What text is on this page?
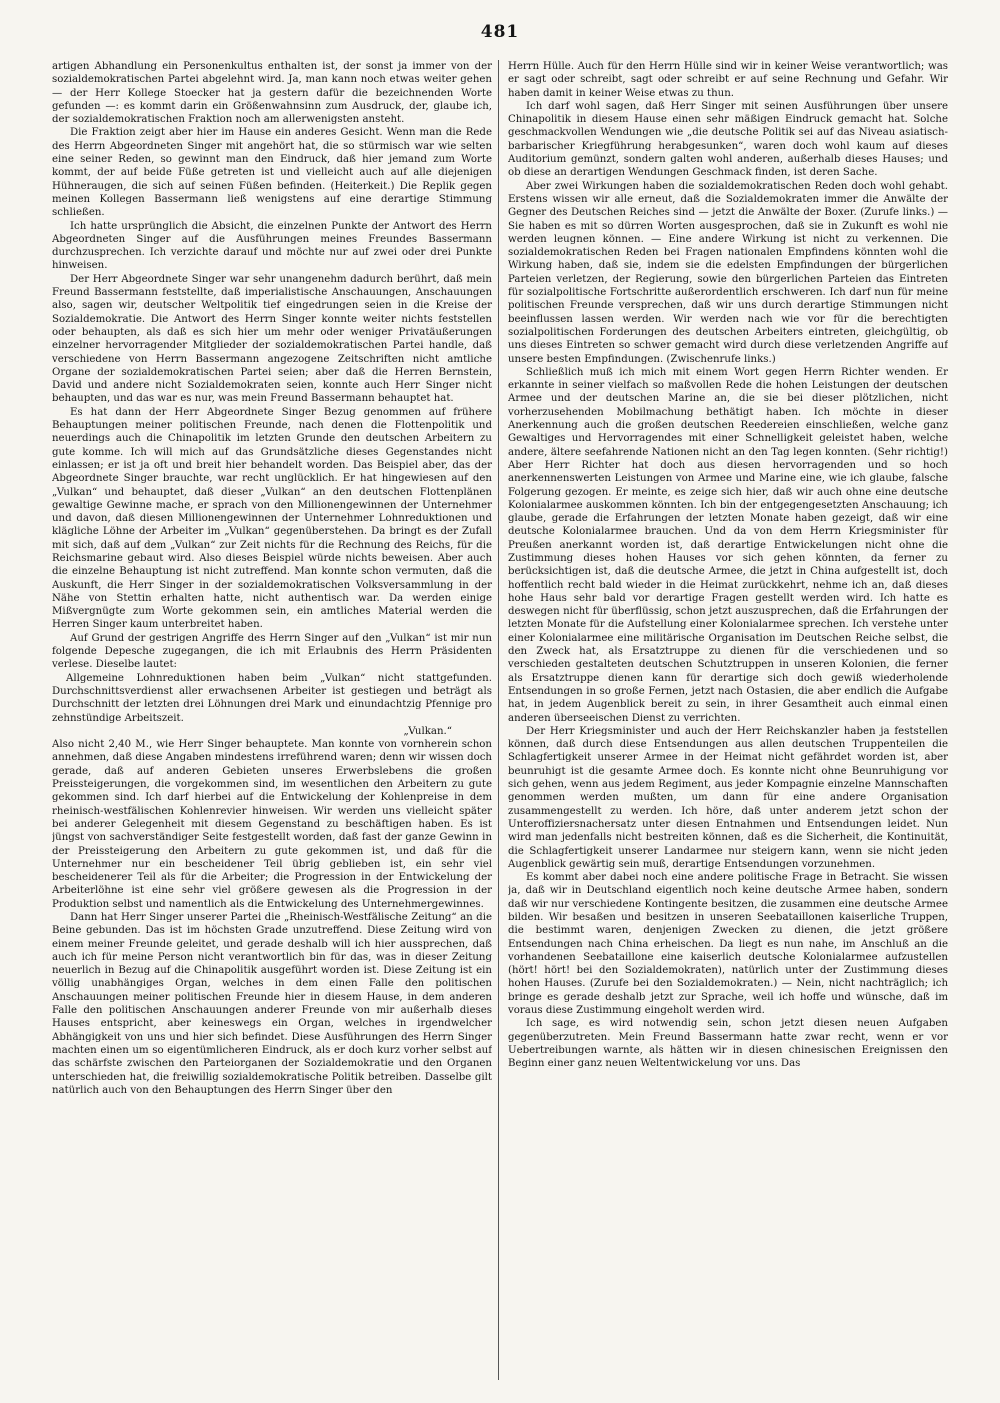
481

artigen Abhandlung ein Personenkultus enthalten ist, der sonst ja immer von der sozialdemokratischen Partei abgelehnt wird. Ja, man kann noch etwas weiter gehen — der Herr Kollege Stoecker hat ja gestern dafür die bezeichnenden Worte gefunden —: es kommt darin ein Größenwahnsinn zum Ausdruck, der, glaube ich, der sozialdemokratischen Fraktion noch am allerwenigsten ansteht.

Die Fraktion zeigt aber hier im Hause ein anderes Gesicht. Wenn man die Rede des Herrn Abgeordneten Singer mit angehört hat, die so stürmisch war wie selten eine seiner Reden, so gewinnt man den Eindruck, daß hier jemand zum Worte kommt, der auf beide Füße getreten ist und vielleicht auch auf alle diejenigen Hühneraugen, die sich auf seinen Füßen befinden. (Heiterkeit.) Die Replik gegen meinen Kollegen Bassermann ließ wenigstens auf eine derartige Stimmung schließen.

Ich hatte ursprünglich die Absicht, die einzelnen Punkte der Antwort des Herrn Abgeordneten Singer auf die Ausführungen meines Freundes Bassermann durchzusprechen. Ich verzichte darauf und möchte nur auf zwei oder drei Punkte hinweisen.

Der Herr Abgeordnete Singer war sehr unangenehm dadurch berührt, daß mein Freund Bassermann feststellte, daß imperialistische Anschauungen, Anschauungen also, sagen wir, deutscher Weltpolitik tief eingedrungen seien in die Kreise der Sozialdemokratie. Die Antwort des Herrn Singer konnte weiter nichts feststellen oder behaupten, als daß es sich hier um mehr oder weniger Privatäußerungen einzelner hervorragender Mitglieder der sozialdemokratischen Partei handle, daß verschiedene von Herrn Bassermann angezogene Zeitschriften nicht amtliche Organe der sozialdemokratischen Partei seien; aber daß die Herren Bernstein, David und andere nicht Sozialdemokraten seien, konnte auch Herr Singer nicht behaupten, und das war es nur, was mein Freund Bassermann behauptet hat.

Es hat dann der Herr Abgeordnete Singer Bezug genommen auf frühere Behauptungen meiner politischen Freunde, nach denen die Flottenpolitik und neuerdings auch die Chinapolitik im letzten Grunde den deutschen Arbeitern zu gute komme. Ich will mich auf das Grundsätzliche dieses Gegenstandes nicht einlassen; er ist ja oft und breit hier behandelt worden. Das Beispiel aber, das der Abgeordnete Singer brauchte, war recht unglücklich. Er hat hingewiesen auf den „Vulkan“ und behauptet, daß dieser „Vulkan“ an den deutschen Flottenplänen gewaltige Gewinne mache, er sprach von den Millionengewinnen der Unternehmer und davon, daß diesen Millionengewinnen der Unternehmer Lohnreduktionen und klägliche Löhne der Arbeiter im „Vulkan“ gegenüberstehen. Da bringt es der Zufall mit sich, daß auf dem „Vulkan“ zur Zeit nichts für die Rechnung des Reichs, für die Reichsmarine gebaut wird. Also dieses Beispiel würde nichts beweisen. Aber auch die einzelne Behauptung ist nicht zutreffend. Man konnte schon vermuten, daß die Auskunft, die Herr Singer in der sozialdemokratischen Volksversammlung in der Nähe von Stettin erhalten hatte, nicht authentisch war. Da werden einige Mißvergnügte zum Worte gekommen sein, ein amtliches Material werden die Herren Singer kaum unterbreitet haben.

Auf Grund der gestrigen Angriffe des Herrn Singer auf den „Vulkan“ ist mir nun folgende Depesche zugegangen, die ich mit Erlaubnis des Herrn Präsidenten verlese. Dieselbe lautet:

Allgemeine Lohnreduktionen haben beim „Vulkan“ nicht stattgefunden. Durchschnittsverdienst aller erwachsenen Arbeiter ist gestiegen und beträgt als Durchschnitt der letzten drei Löhnungen drei Mark und einundachtzig Pfennige pro zehnstündige Arbeitszeit.

„Vulkan.“

Also nicht 2,40 M., wie Herr Singer behauptete. Man konnte von vornherein schon annehmen, daß diese Angaben mindestens irreführend waren; denn wir wissen doch gerade, daß auf anderen Gebieten unseres Erwerbslebens die großen Preissteigerungen, die vorgekommen sind, im wesentlichen den Arbeitern zu gute gekommen sind. Ich darf hierbei auf die Entwickelung der Kohlenpreise in dem rheinisch-westfälischen Kohlenrevier hinweisen. Wir werden uns vielleicht später bei anderer Gelegenheit mit diesem Gegenstand zu beschäftigen haben. Es ist jüngst von sachverständiger Seite festgestellt worden, daß fast der ganze Gewinn in der Preissteigerung den Arbeitern zu gute gekommen ist, und daß für die Unternehmer nur ein bescheidener Teil übrig geblieben ist, ein sehr viel bescheidenerer Teil als für die Arbeiter; die Progression in der Entwickelung der Arbeiterlöhne ist eine sehr viel größere gewesen als die Progression in der Produktion selbst und namentlich als die Entwickelung des Unternehmergewinnes.

Dann hat Herr Singer unserer Partei die „Rheinisch-Westfälische Zeitung“ an die Beine gebunden. Das ist im höchsten Grade unzutreffend. Diese Zeitung wird von einem meiner Freunde geleitet, und gerade deshalb will ich hier aussprechen, daß auch ich für meine Person nicht verantwortlich bin für das, was in dieser Zeitung neuerlich in Bezug auf die Chinapolitik ausgeführt worden ist. Diese Zeitung ist ein völlig unabhängiges Organ, welches in dem einen Falle den politischen Anschauungen meiner politischen Freunde hier in diesem Hause, in dem anderen Falle den politischen Anschauungen anderer Freunde von mir außerhalb dieses Hauses entspricht, aber keineswegs ein Organ, welches in irgendwelcher Abhängigkeit von uns und hier sich befindet. Diese Ausführungen des Herrn Singer machten einen um so eigentümlicheren Eindruck, als er doch kurz vorher selbst auf das schärfste zwischen den Parteiorganen der Sozialdemokratie und den Organen unterschieden hat, die freiwillig sozialdemokratische Politik betreiben. Dasselbe gilt natürlich auch von den Behauptungen des Herrn Singer über den

Herrn Hülle. Auch für den Herrn Hülle sind wir in keiner Weise verantwortlich; was er sagt oder schreibt, sagt oder schreibt er auf seine Rechnung und Gefahr. Wir haben damit in keiner Weise etwas zu thun.

Ich darf wohl sagen, daß Herr Singer mit seinen Ausführungen über unsere Chinapolitik in diesem Hause einen sehr mäßigen Eindruck gemacht hat. Solche geschmackvollen Wendungen wie „die deutsche Politik sei auf das Niveau asiatisch-barbarischer Kriegführung herabgesunken“, waren doch wohl kaum auf dieses Auditorium gemünzt, sondern galten wohl anderen, außerhalb dieses Hauses; und ob diese an derartigen Wendungen Geschmack finden, ist deren Sache.

Aber zwei Wirkungen haben die sozialdemokratischen Reden doch wohl gehabt. Erstens wissen wir alle erneut, daß die Sozialdemokraten immer die Anwälte der Gegner des Deutschen Reiches sind — jetzt die Anwälte der Boxer. (Zurufe links.) — Sie haben es mit so dürren Worten ausgesprochen, daß sie in Zukunft es wohl nie werden leugnen können. — Eine andere Wirkung ist nicht zu verkennen. Die sozialdemokratischen Reden bei Fragen nationalen Empfindens könnten wohl die Wirkung haben, daß sie, indem sie die edelsten Empfindungen der bürgerlichen Parteien verletzen, der Regierung, sowie den bürgerlichen Parteien das Eintreten für sozialpolitische Fortschritte außerordentlich erschweren. Ich darf nun für meine politischen Freunde versprechen, daß wir uns durch derartige Stimmungen nicht beeinflussen lassen werden. Wir werden nach wie vor für die berechtigten sozialpolitischen Forderungen des deutschen Arbeiters eintreten, gleichgültig, ob uns dieses Eintreten so schwer gemacht wird durch diese verletzenden Angriffe auf unsere besten Empfindungen. (Zwischenrufe links.)

Schließlich muß ich mich mit einem Wort gegen Herrn Richter wenden. Er erkannte in seiner vielfach so maßvollen Rede die hohen Leistungen der deutschen Armee und der deutschen Marine an, die sie bei dieser plötzlichen, nicht vorherzusehenden Mobilmachung bethätigt haben. Ich möchte in dieser Anerkennung auch die großen deutschen Reedereien einschließen, welche ganz Gewaltiges und Hervorragendes mit einer Schnelligkeit geleistet haben, welche andere, ältere seefahrende Nationen nicht an den Tag legen konnten. (Sehr richtig!) Aber Herr Richter hat doch aus diesen hervorragenden und so hoch anerkennenswerten Leistungen von Armee und Marine eine, wie ich glaube, falsche Folgerung gezogen. Er meinte, es zeige sich hier, daß wir auch ohne eine deutsche Kolonialarmee auskommen könnten. Ich bin der entgegengesetzten Anschauung; ich glaube, gerade die Erfahrungen der letzten Monate haben gezeigt, daß wir eine deutsche Kolonialarmee brauchen. Und da von dem Herrn Kriegsminister für Preußen anerkannt worden ist, daß derartige Entwickelungen nicht ohne die Zustimmung dieses hohen Hauses vor sich gehen könnten, da ferner zu berücksichtigen ist, daß die deutsche Armee, die jetzt in China aufgestellt ist, doch hoffentlich recht bald wieder in die Heimat zurückkehrt, nehme ich an, daß dieses hohe Haus sehr bald vor derartige Fragen gestellt werden wird. Ich hatte es deswegen nicht für überflüssig, schon jetzt auszusprechen, daß die Erfahrungen der letzten Monate für die Aufstellung einer Kolonialarmee sprechen. Ich verstehe unter einer Kolonialarmee eine militärische Organisation im Deutschen Reiche selbst, die den Zweck hat, als Ersatztruppe zu dienen für die verschiedenen und so verschieden gestalteten deutschen Schutztruppen in unseren Kolonien, die ferner als Ersatztruppe dienen kann für derartige sich doch gewiß wiederholende Entsendungen in so große Fernen, jetzt nach Ostasien, die aber endlich die Aufgabe hat, in jedem Augenblick bereit zu sein, in ihrer Gesamtheit auch einmal einen anderen überseeischen Dienst zu verrichten.

Der Herr Kriegsminister und auch der Herr Reichskanzler haben ja feststellen können, daß durch diese Entsendungen aus allen deutschen Truppenteilen die Schlagfertigkeit unserer Armee in der Heimat nicht gefährdet worden ist, aber beunruhigt ist die gesamte Armee doch. Es konnte nicht ohne Beunruhigung vor sich gehen, wenn aus jedem Regiment, aus jeder Kompagnie einzelne Mannschaften genommen werden mußten, um dann für eine andere Organisation zusammengestellt zu werden. Ich höre, daß unter anderem jetzt schon der Unteroffiziersnachersatz unter diesen Entnahmen und Entsendungen leidet. Nun wird man jedenfalls nicht bestreiten können, daß es die Sicherheit, die Kontinuität, die Schlagfertigkeit unserer Landarmee nur steigern kann, wenn sie nicht jeden Augenblick gewärtig sein muß, derartige Entsendungen vorzunehmen.

Es kommt aber dabei noch eine andere politische Frage in Betracht. Sie wissen ja, daß wir in Deutschland eigentlich noch keine deutsche Armee haben, sondern daß wir nur verschiedene Kontingente besitzen, die zusammen eine deutsche Armee bilden. Wir besaßen und besitzen in unseren Seebataillonen kaiserliche Truppen, die bestimmt waren, denjenigen Zwecken zu dienen, die jetzt größere Entsendungen nach China erheischen. Da liegt es nun nahe, im Anschluß an die vorhandenen Seebataillone eine kaiserlich deutsche Kolonialarmee aufzustellen (hört! hört! bei den Sozialdemokraten), natürlich unter der Zustimmung dieses hohen Hauses. (Zurufe bei den Sozialdemokraten.) — Nein, nicht nachträglich; ich bringe es gerade deshalb jetzt zur Sprache, weil ich hoffe und wünsche, daß im voraus diese Zustimmung eingeholt werden wird.

Ich sage, es wird notwendig sein, schon jetzt diesen neuen Aufgaben gegenüberzutreten. Mein Freund Bassermann hatte zwar recht, wenn er vor Uebertreibungen warnte, als hätten wir in diesen chinesischen Ereignissen den Beginn einer ganz neuen Weltentwickelung vor uns. Das
